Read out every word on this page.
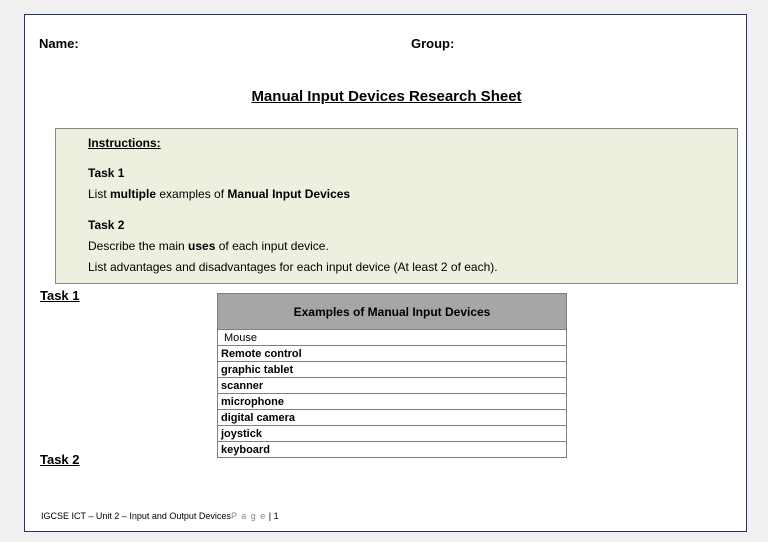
Name:	Group:
Manual Input Devices Research Sheet
Instructions:
Task 1
List multiple examples of Manual Input Devices
Task 2
Describe the main uses of each input device.
List advantages and disadvantages for each input device (At least 2 of each).
Task 1
Task 2
Examples of Manual Input Devices
Mouse
Remote control
graphic tablet
scanner
microphone
digital camera
joystick
keyboard
IGCSE ICT – Unit 2 – Input and Output DevicesP a g e | 1
